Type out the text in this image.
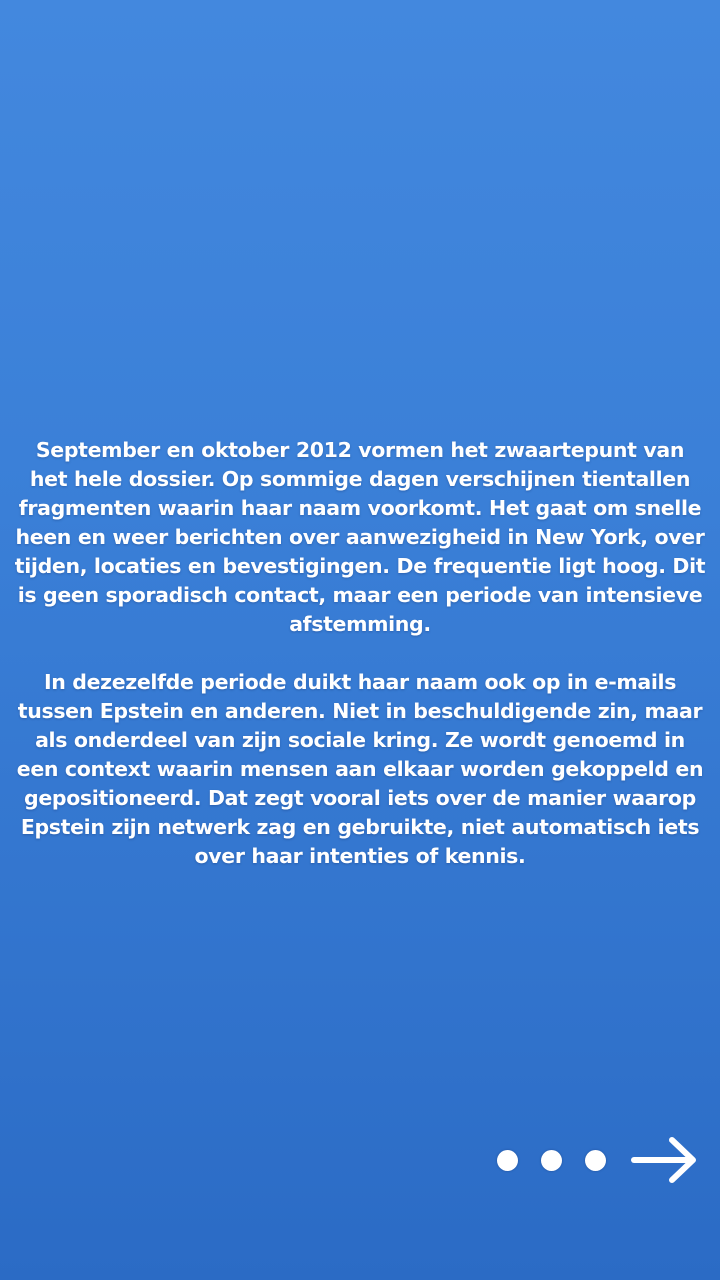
September en oktober 2012 vormen het zwaartepunt van het hele dossier. Op sommige dagen verschijnen tientallen fragmenten waarin haar naam voorkomt. Het gaat om snelle heen en weer berichten over aanwezigheid in New York, over tijden, locaties en bevestigingen. De frequentie ligt hoog. Dit is geen sporadisch contact, maar een periode van intensieve afstemming.

In dezezelfde periode duikt haar naam ook op in e-mails tussen Epstein en anderen. Niet in beschuldigende zin, maar als onderdeel van zijn sociale kring. Ze wordt genoemd in een context waarin mensen aan elkaar worden gekoppeld en gepositioneerd. Dat zegt vooral iets over de manier waarop Epstein zijn netwerk zag en gebruikte, niet automatisch iets over haar intenties of kennis.
